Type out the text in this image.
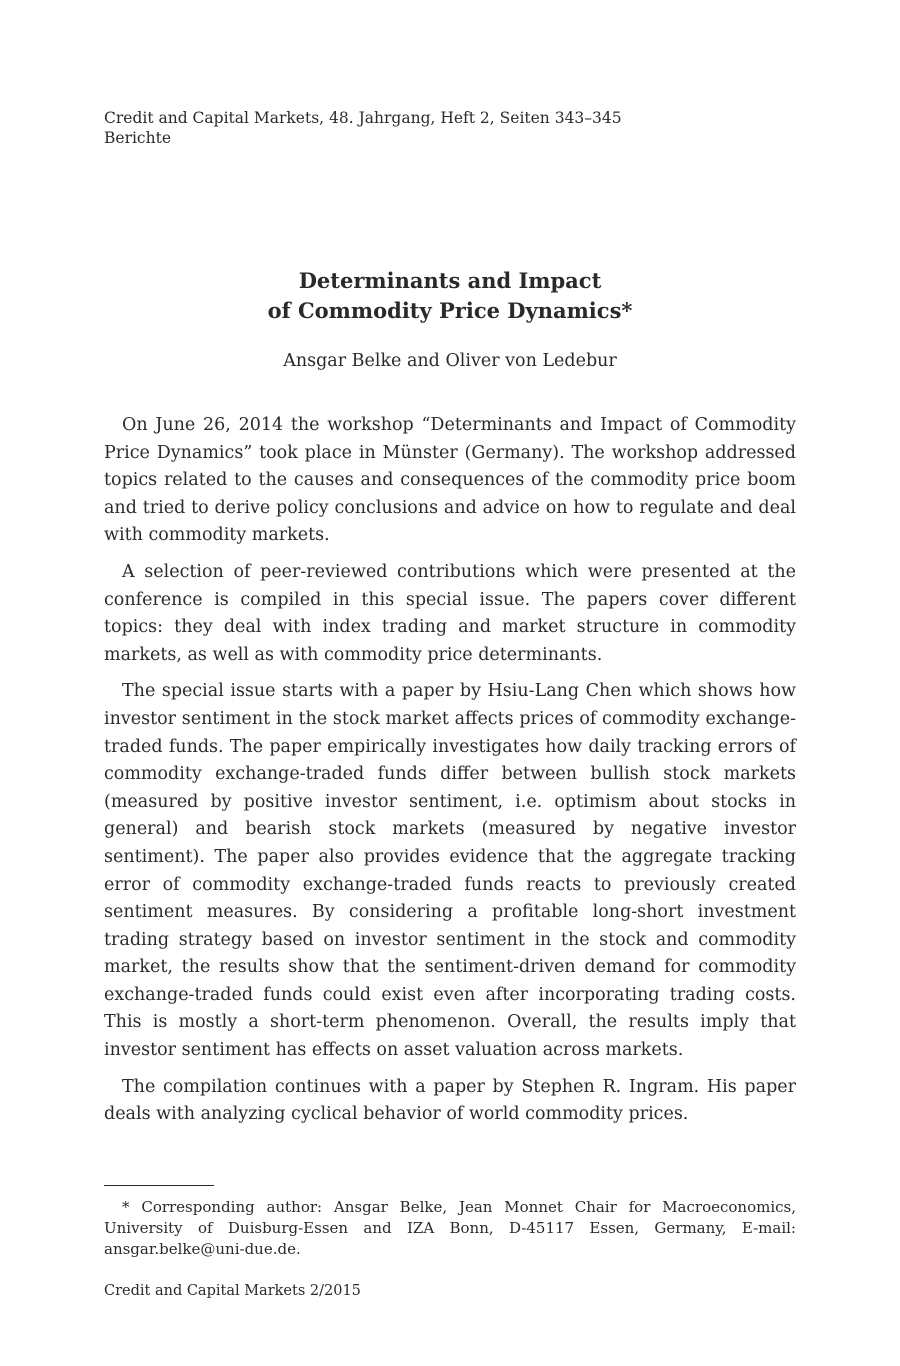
Credit and Capital Markets, 48. Jahrgang, Heft 2, Seiten 343–345
Berichte
Determinants and Impact
of Commodity Price Dynamics*
Ansgar Belke and Oliver von Ledebur

On June 26, 2014 the workshop “Determinants and Impact of Commodity Price Dynamics” took place in Münster (Germany). The workshop addressed topics related to the causes and consequences of the commodity price boom and tried to derive policy conclusions and advice on how to regulate and deal with commodity markets.

A selection of peer-reviewed contributions which were presented at the conference is compiled in this special issue. The papers cover different topics: they deal with index trading and market structure in commodity markets, as well as with commodity price determinants.

The special issue starts with a paper by Hsiu-Lang Chen which shows how investor sentiment in the stock market affects prices of commodity exchange-traded funds. The paper empirically investigates how daily tracking errors of commodity exchange-traded funds differ between bullish stock markets (measured by positive investor sentiment, i.e. optimism about stocks in general) and bearish stock markets (measured by negative investor sentiment). The paper also provides evidence that the aggregate tracking error of commodity exchange-traded funds reacts to previously created sentiment measures. By considering a profitable long-short investment trading strategy based on investor sentiment in the stock and commodity market, the results show that the sentiment-driven demand for commodity exchange-traded funds could exist even after incorporating trading costs. This is mostly a short-term phenomenon. Overall, the results imply that investor sentiment has effects on asset valuation across markets.

The compilation continues with a paper by Stephen R. Ingram. His paper deals with analyzing cyclical behavior of world commodity prices.

* Corresponding author: Ansgar Belke, Jean Monnet Chair for Macroeconomics, University of Duisburg-Essen and IZA Bonn, D-45117 Essen, Germany, E-mail: ansgar.belke@uni-due.de.
Credit and Capital Markets 2/2015
